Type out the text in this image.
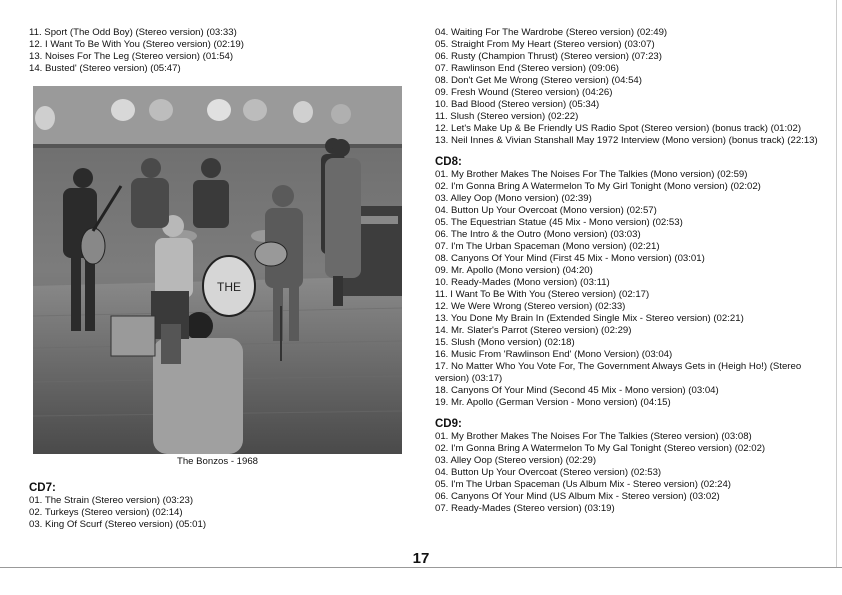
11. Sport (The Odd Boy) (Stereo version) (03:33)
12. I Want To Be With You (Stereo version) (02:19)
13. Noises For The Leg (Stereo version) (01:54)
14. Busted' (Stereo version) (05:47)
THE
The Bonzos - 1968
CD7:
01. The Strain (Stereo version) (03:23)
02. Turkeys (Stereo version) (02:14)
03. King Of Scurf (Stereo version) (05:01)
04. Waiting For The Wardrobe (Stereo version) (02:49)
05. Straight From My Heart (Stereo version) (03:07)
06. Rusty (Champion Thrust) (Stereo version) (07:23)
07. Rawlinson End (Stereo version) (09:06)
08. Don't Get Me Wrong (Stereo version) (04:54)
09. Fresh Wound (Stereo version) (04:26)
10. Bad Blood (Stereo version) (05:34)
11. Slush (Stereo version) (02:22)
12. Let's Make Up & Be Friendly US Radio Spot (Stereo version) (bonus track) (01:02)
13. Neil Innes & Vivian Stanshall May 1972 Interview (Mono version) (bonus track) (22:13)
CD8:
01. My Brother Makes The Noises For The Talkies (Mono version) (02:59)
02. I'm Gonna Bring A Watermelon To My Girl Tonight (Mono version) (02:02)
03. Alley Oop (Mono version) (02:39)
04. Button Up Your Overcoat (Mono version) (02:57)
05. The Equestrian Statue (45 Mix - Mono version) (02:53)
06. The Intro & the Outro (Mono version) (03:03)
07. I'm The Urban Spaceman (Mono version) (02:21)
08. Canyons Of Your Mind (First 45 Mix - Mono version) (03:01)
09. Mr. Apollo (Mono version) (04:20)
10. Ready-Mades (Mono version) (03:11)
11. I Want To Be With You (Stereo version) (02:17)
12. We Were Wrong (Stereo version) (02:33)
13. You Done My Brain In (Extended Single Mix - Stereo version) (02:21)
14. Mr. Slater's Parrot (Stereo version) (02:29)
15. Slush (Mono version) (02:18)
16. Music From 'Rawlinson End' (Mono Version) (03:04)
17. No Matter Who You Vote For, The Government Always Gets in (Heigh Ho!) (Stereo version) (03:17)
18. Canyons Of Your Mind (Second 45 Mix - Mono version) (03:04)
19. Mr. Apollo (German Version - Mono version) (04:15)
CD9:
01. My Brother Makes The Noises For The Talkies (Stereo version) (03:08)
02. I'm Gonna Bring A Watermelon To My Gal Tonight (Stereo version) (02:02)
03. Alley Oop (Stereo version) (02:29)
04. Button Up Your Overcoat (Stereo version) (02:53)
05. I'm The Urban Spaceman (Us Album Mix - Stereo version) (02:24)
06. Canyons Of Your Mind (US Album Mix - Stereo version) (03:02)
07. Ready-Mades (Stereo version) (03:19)
17
